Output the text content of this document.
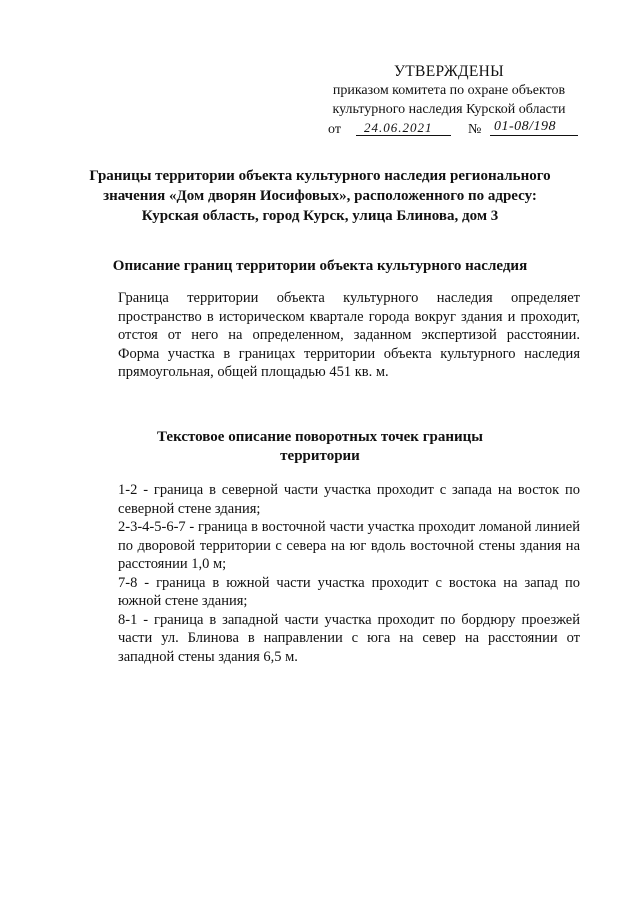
УТВЕРЖДЕНЫ
приказом комитета по охране объектов
культурного наследия Курской области
от 24.06.2021	№ 01-08/198
Границы территории объекта культурного наследия регионального
значения «Дом дворян Иосифовых», расположенного по адресу:
Курская область, город Курск, улица Блинова, дом 3
Описание границ территории объекта культурного наследия

Граница территории объекта культурного наследия определяет пространство в историческом квартале города вокруг здания и проходит, отстоя от него на определенном, заданном экспертизой расстоянии. Форма участка в границах территории объекта культурного наследия прямоугольная, общей площадью 451 кв. м.

Текстовое описание поворотных точек границы
территории

1-2 - граница в северной части участка проходит с запада на восток по северной стене здания;

2-3-4-5-6-7 - граница в восточной части участка проходит ломаной линией по дворовой территории с севера на юг вдоль восточной стены здания на расстоянии 1,0 м;

7-8 - граница в южной части участка проходит с востока на запад по южной стене здания;

8-1 - граница в западной части участка проходит по бордюру проезжей части ул. Блинова в направлении с юга на север на расстоянии от западной стены здания 6,5 м.
